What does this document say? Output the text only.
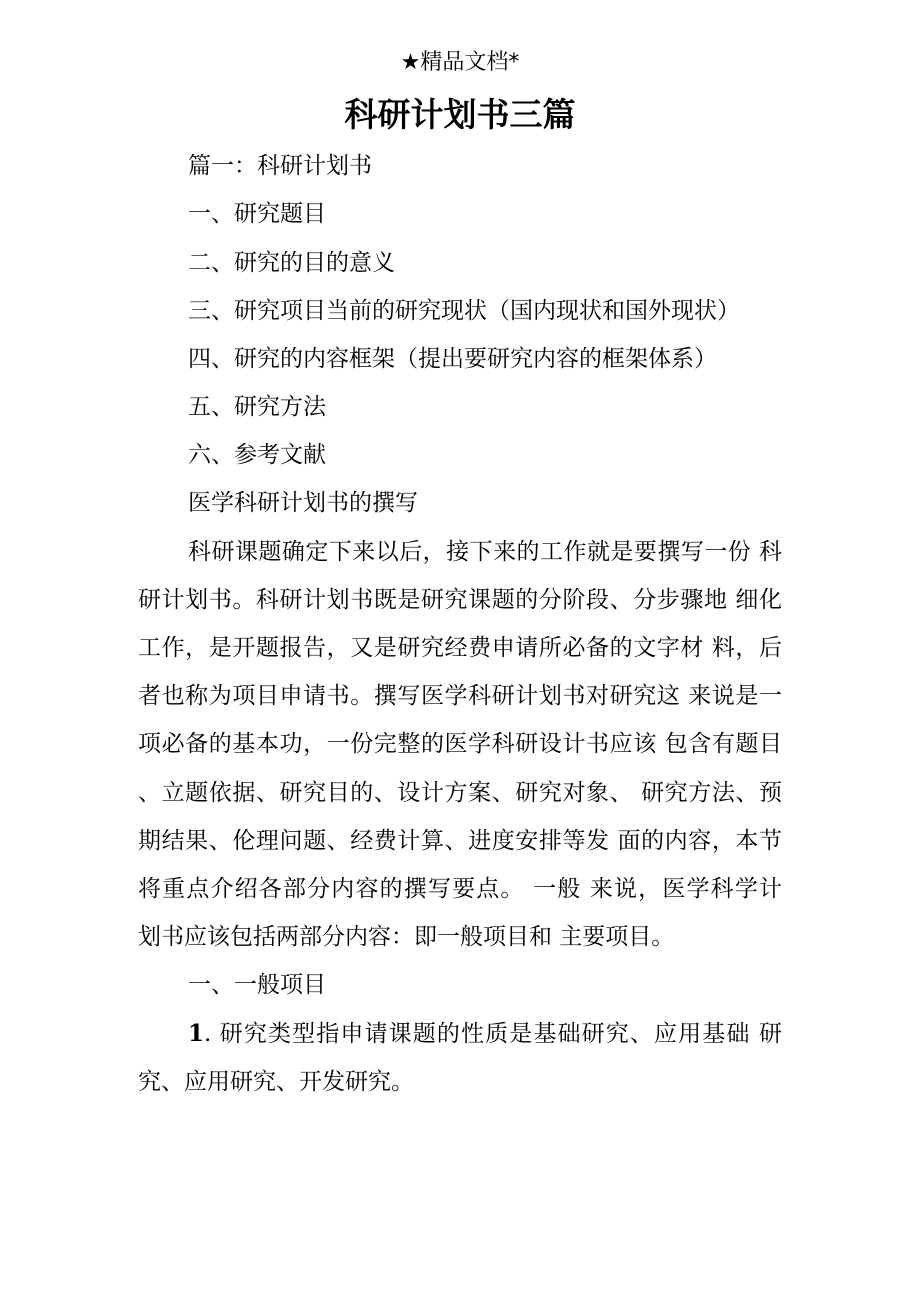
★精品文档*
科研计划书三篇
篇一：科研计划书
一、研究题目
二、研究的目的意义
三、研究项目当前的研究现状（国内现状和国外现状）
四、研究的内容框架（提出要研究内容的框架体系）
五、研究方法
六、参考文献
医学科研计划书的撰写
科研课题确定下来以后，接下来的工作就是要撰写一份 科
研计划书。科研计划书既是研究课题的分阶段、分步骤地 细化
工作，是开题报告，又是研究经费申请所必备的文字材 料，后
者也称为项目申请书。撰写医学科研计划书对研究这 来说是一
项必备的基本功，一份完整的医学科研设计书应该 包含有题目
、立题依据、研究目的、设计方案、研究对象、 研究方法、预
期结果、伦理问题、经费计算、进度安排等发 面的内容，本节
将重点介绍各部分内容的撰写要点。 一般 来说，医学科学计
划书应该包括两部分内容：即一般项目和 主要项目。
一、一般项目
1. 研究类型指申请课题的性质是基础研究、应用基础 研
究、应用研究、开发研究。
